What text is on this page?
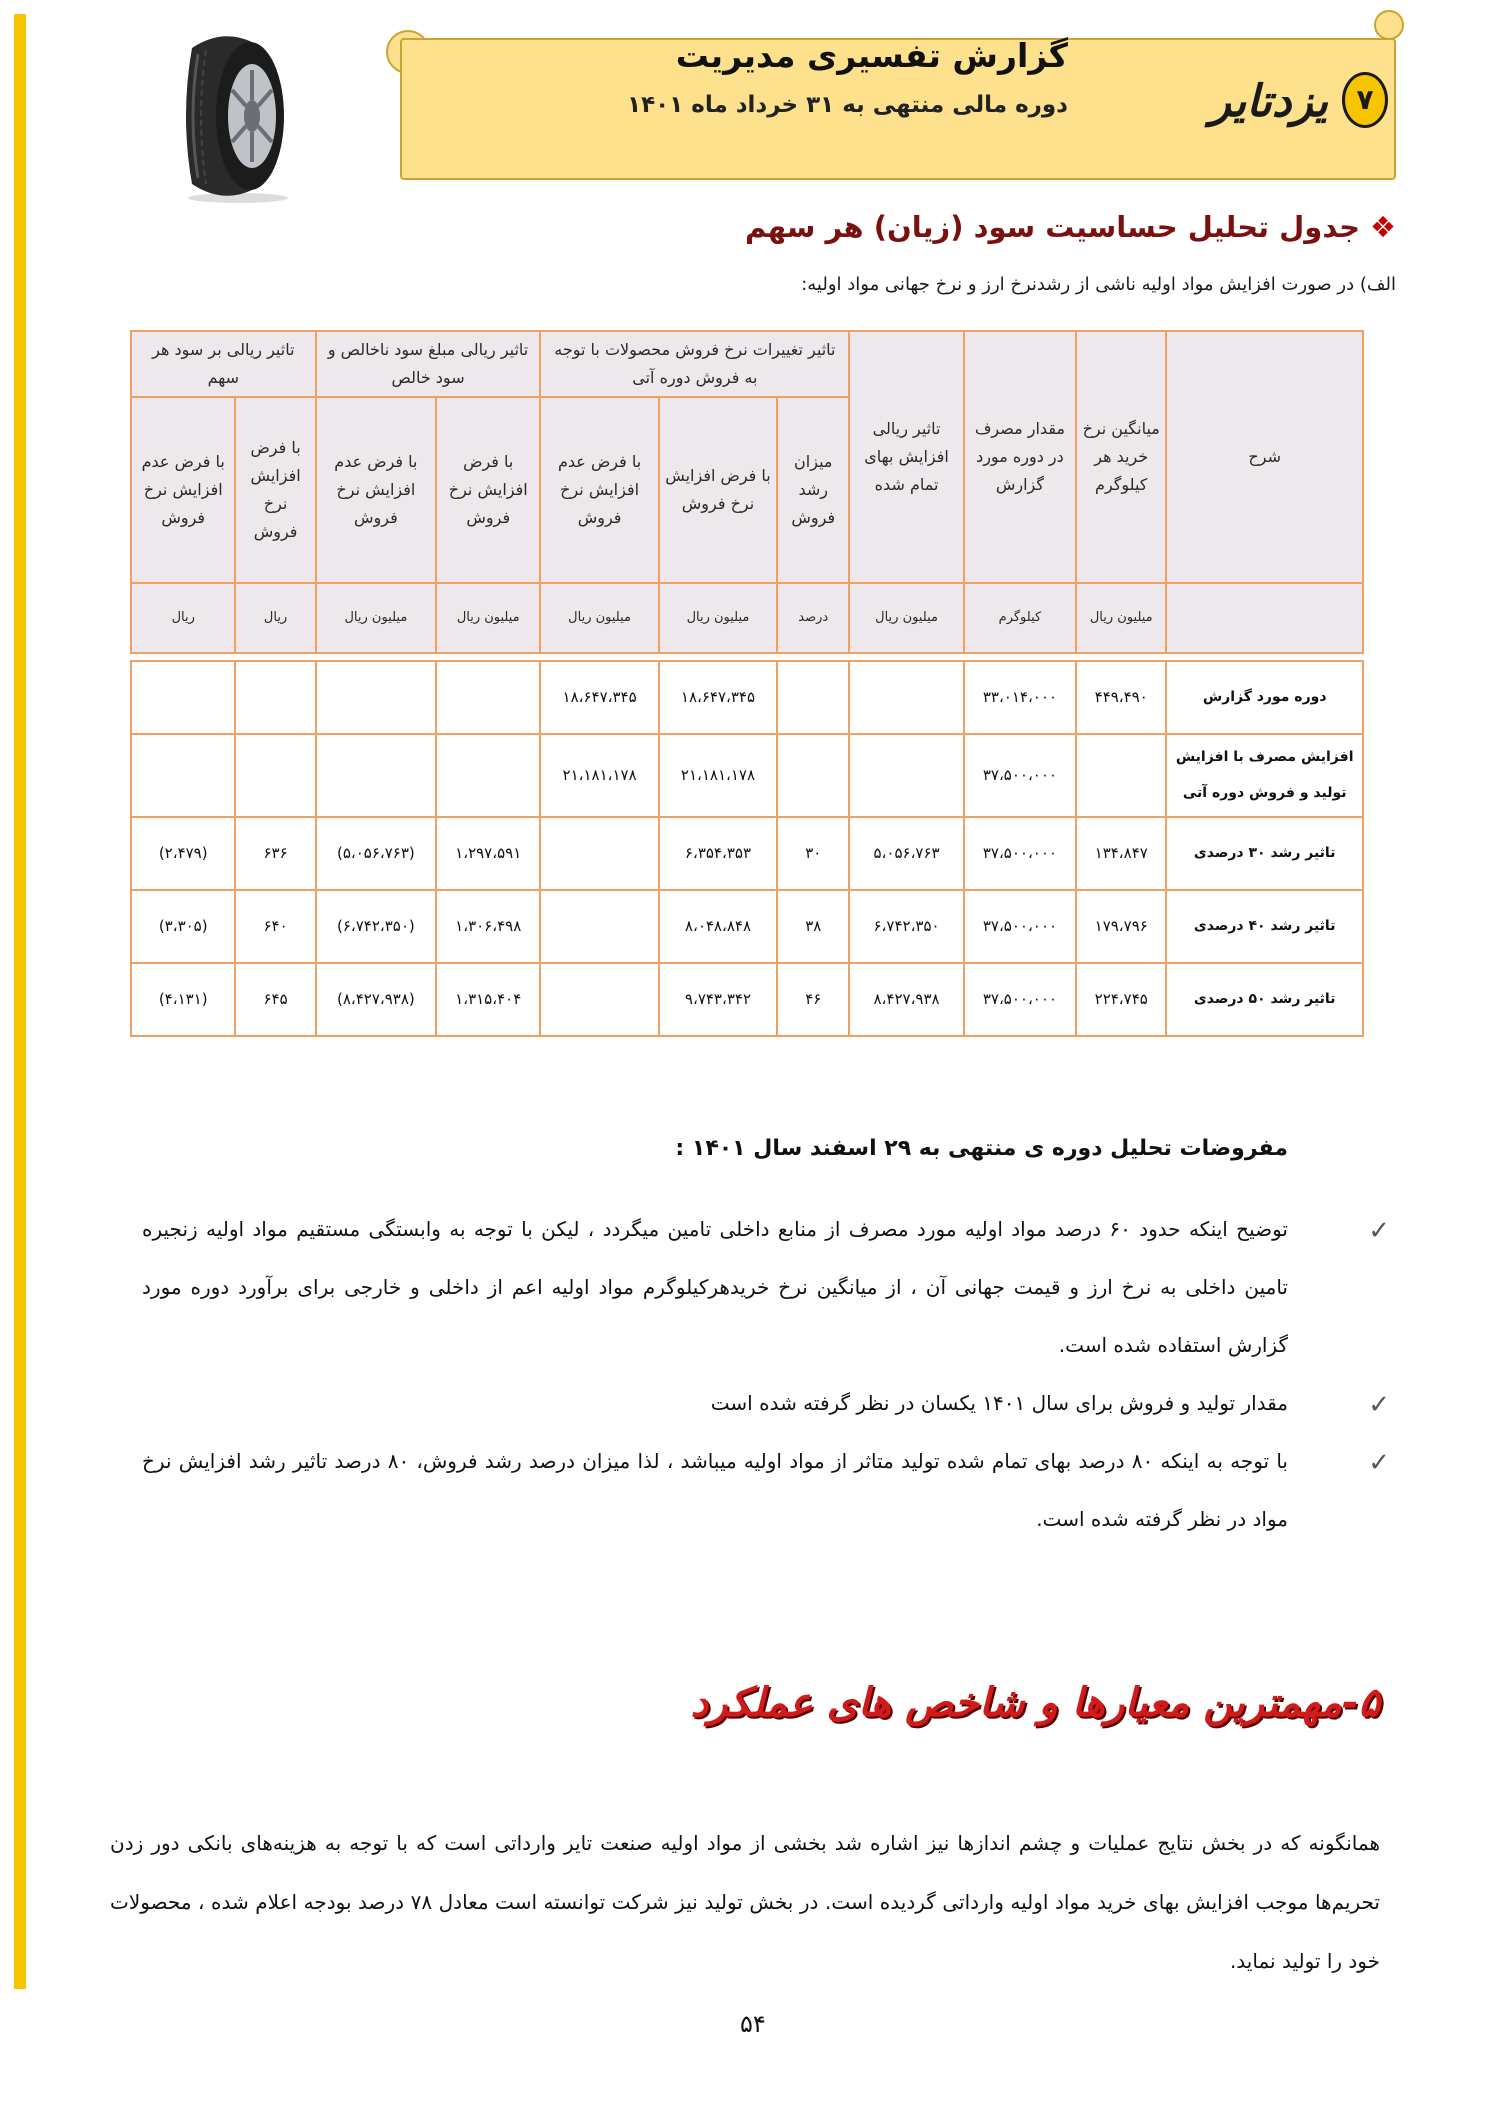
گزارش تفسیری مدیریت
دوره مالی منتهی به ۳۱ خرداد ماه ۱۴۰۱	یزدتایر	۷
❖جدول تحلیل حساسیت سود (زیان) هر سهم
الف) در صورت افزایش مواد اولیه ناشی از رشدنرخ ارز و نرخ جهانی مواد اولیه:
شرح	میانگین نرخ خرید هر کیلوگرم	مقدار مصرف در دوره مورد گزارش	تاثیر ریالی افزایش بهای تمام شده	تاثیر تغییرات نرخ فروش محصولات با توجه به فروش دوره آتی			تاثیر ریالی مبلغ سود ناخالص و سود خالص		تاثیر ریالی بر سود هر سهم	
				میزان رشد فروش	با فرض افزایش نرخ فروش	با فرض عدم افزایش نرخ فروش	با فرض افزایش نرخ فروش	با فرض عدم افزایش نرخ فروش	با فرض افزایش نرخ فروش	با فرض عدم افزایش نرخ فروش
	میلیون ریال	کیلوگرم	میلیون ریال	درصد	میلیون ریال	میلیون ریال	میلیون ریال	میلیون ریال	ریال	ریال

دوره مورد گزارش	۴۴۹،۴۹۰	۳۳،۰۱۴،۰۰۰			۱۸،۶۴۷،۳۴۵	۱۸،۶۴۷،۳۴۵				
افزایش مصرف با افزایش تولید و فروش دوره آتی		۳۷،۵۰۰،۰۰۰			۲۱،۱۸۱،۱۷۸	۲۱،۱۸۱،۱۷۸				
تاثیر رشد ۳۰ درصدی	۱۳۴،۸۴۷	۳۷،۵۰۰،۰۰۰	۵،۰۵۶،۷۶۳	۳۰	۶،۳۵۴،۳۵۳		۱،۲۹۷،۵۹۱	(۵،۰۵۶،۷۶۳)	۶۳۶	(۲،۴۷۹)
تاثیر رشد ۴۰ درصدی	۱۷۹،۷۹۶	۳۷،۵۰۰،۰۰۰	۶،۷۴۲،۳۵۰	۳۸	۸،۰۴۸،۸۴۸		۱،۳۰۶،۴۹۸	(۶،۷۴۲،۳۵۰)	۶۴۰	(۳،۳۰۵)
تاثیر رشد ۵۰ درصدی	۲۲۴،۷۴۵	۳۷،۵۰۰،۰۰۰	۸،۴۲۷،۹۳۸	۴۶	۹،۷۴۳،۳۴۲		۱،۳۱۵،۴۰۴	(۸،۴۲۷،۹۳۸)	۶۴۵	(۴،۱۳۱)
مفروضات تحلیل دوره ی منتهی به ۲۹ اسفند سال ۱۴۰۱ :
✓

توضیح اینکه حدود ۶۰ درصد مواد اولیه مورد مصرف از منابع داخلی تامین میگردد ، لیکن با توجه به وابستگی مستقیم مواد اولیه زنجیره تامین داخلی به نرخ ارز و قیمت جهانی آن ، از میانگین نرخ خریدهرکیلوگرم مواد اولیه اعم از داخلی و خارجی برای برآورد دوره مورد گزارش استفاده شده است.

✓

مقدار تولید و فروش برای سال ۱۴۰۱ یکسان در نظر گرفته شده است

✓

با توجه به اینکه ۸۰ درصد بهای تمام شده تولید متاثر از مواد اولیه میباشد ، لذا میزان درصد رشد فروش، ۸۰ درصد تاثیر رشد افزایش نرخ مواد در نظر گرفته شده است.

۵-مهمترین معیارها و شاخص های عملکرد
همانگونه که در بخش نتایج عملیات و چشم اندازها نیز اشاره شد بخشی از مواد اولیه صنعت تایر وارداتی است که با توجه به هزینه‌های بانکی دور زدن تحریم‌ها موجب افزایش بهای خرید مواد اولیه وارداتی گردیده است. در بخش تولید نیز شرکت توانسته است معادل ۷۸ درصد بودجه اعلام شده ، محصولات خود را تولید نماید.
۵۴
